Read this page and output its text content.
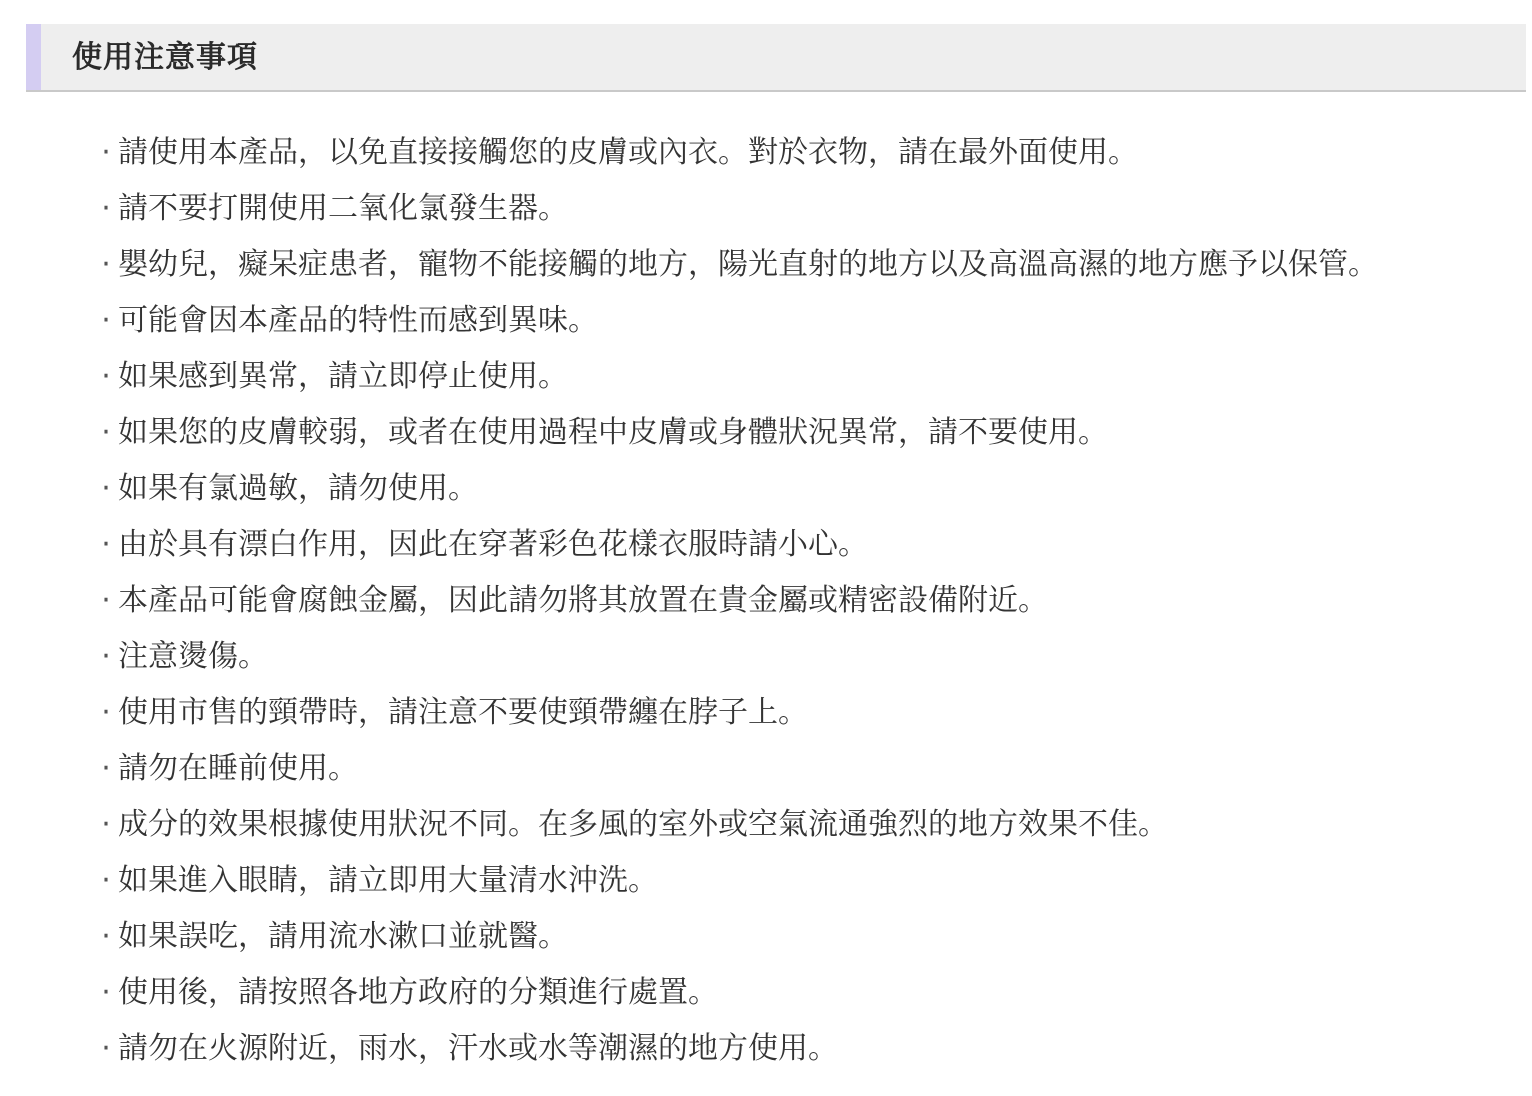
使用注意事項
· 請使用本產品，以免直接接觸您的皮膚或內衣。對於衣物，請在最外面使用。
· 請不要打開使用二氧化氯發生器。
· 嬰幼兒，癡呆症患者，寵物不能接觸的地方，陽光直射的地方以及高溫高濕的地方應予以保管。
· 可能會因本產品的特性而感到異味。
· 如果感到異常，請立即停止使用。
· 如果您的皮膚較弱，或者在使用過程中皮膚或身體狀況異常，請不要使用。
· 如果有氯過敏，請勿使用。
· 由於具有漂白作用，因此在穿著彩色花樣衣服時請小心。
· 本產品可能會腐蝕金屬，因此請勿將其放置在貴金屬或精密設備附近。
· 注意燙傷。
· 使用市售的頸帶時，請注意不要使頸帶纏在脖子上。
· 請勿在睡前使用。
· 成分的效果根據使用狀況不同。在多風的室外或空氣流通強烈的地方效果不佳。
· 如果進入眼睛，請立即用大量清水沖洗。
· 如果誤吃，請用流水漱口並就醫。
· 使用後，請按照各地方政府的分類進行處置。
· 請勿在火源附近，雨水，汗水或水等潮濕的地方使用。
